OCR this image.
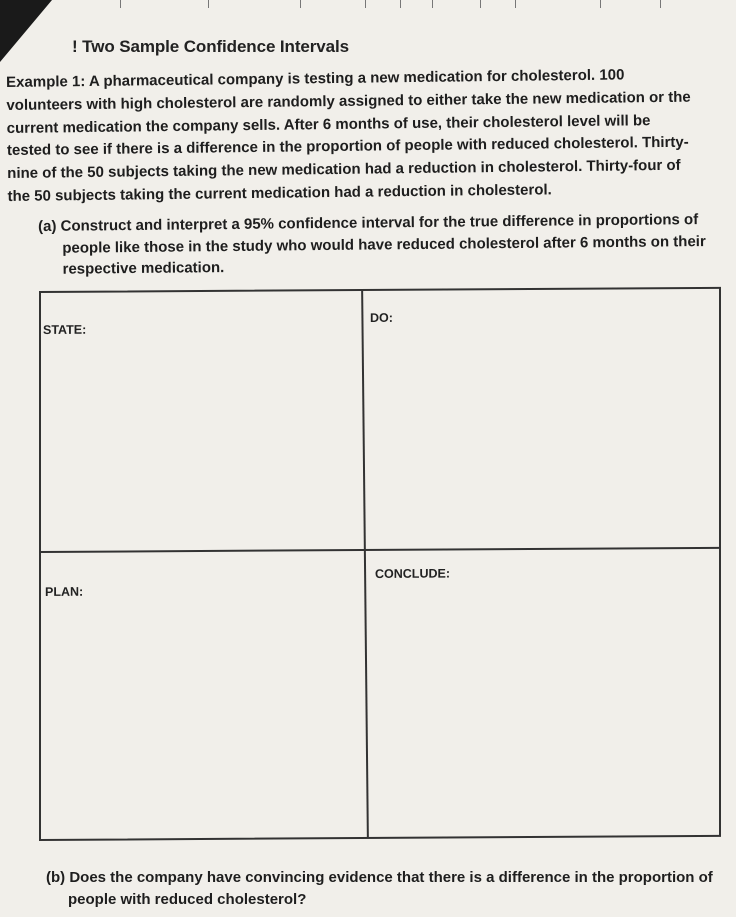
! Two Sample Confidence Intervals
Example 1: A pharmaceutical company is testing a new medication for cholesterol. 100 volunteers with high cholesterol are randomly assigned to either take the new medication or the current medication the company sells. After 6 months of use, their cholesterol level will be tested to see if there is a difference in the proportion of people with reduced cholesterol. Thirty-nine of the 50 subjects taking the new medication had a reduction in cholesterol. Thirty-four of the 50 subjects taking the current medication had a reduction in cholesterol.
(a) Construct and interpret a 95% confidence interval for the true difference in proportions of people like those in the study who would have reduced cholesterol after 6 months on their respective medication.
STATE:
DO:
PLAN:
CONCLUDE:
(b) Does the company have convincing evidence that there is a difference in the proportion of people with reduced cholesterol?
